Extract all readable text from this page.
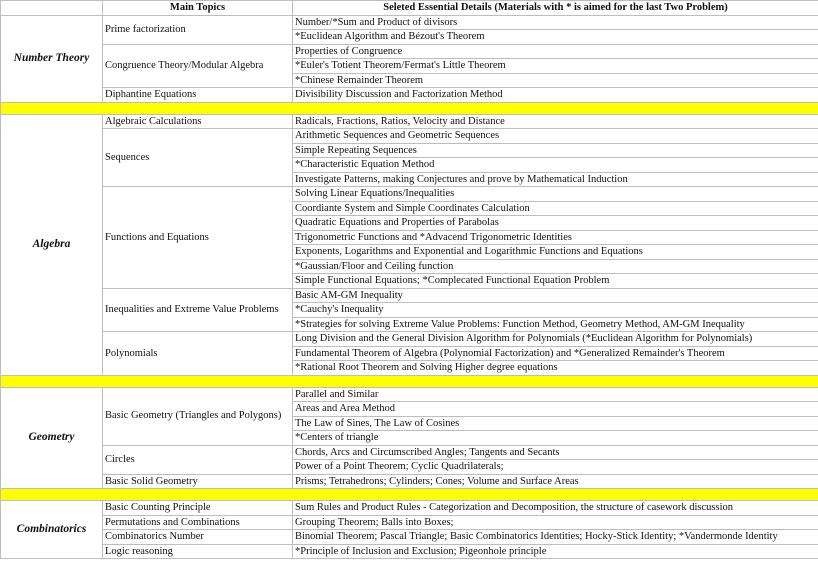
	Main Topics	Seleted Essential Details (Materials with * is aimed for the last Two Problem)
Number Theory	Prime factorization	Number/*Sum and Product of divisors
		*Euclidean Algorithm and Bézout's Theorem
	Congruence Theory/Modular Algebra	Properties of Congruence
		*Euler's Totient Theorem/Fermat's Little Theorem
		*Chinese Remainder Theorem
	Diphantine Equations	Divisibility Discussion and Factorization Method

Algebra	Algebraic Calculations	Radicals, Fractions, Ratios, Velocity and Distance
	Sequences	Arithmetic Sequences and Geometric Sequences
		Simple Repeating Sequences
		*Characteristic Equation Method
		Investigate Patterns, making Conjectures and prove by Mathematical Induction
	Functions and Equations	Solving Linear Equations/Inequalities
		Coordiante System and Simple Coordinates Calculation
		Quadratic Equations and Properties of Parabolas
		Trigonometric Functions and *Advacend Trigonometric Identities
		Exponents, Logarithms and Exponential and Logarithmic Functions and Equations
		*Gaussian/Floor and Ceiling function
		Simple Functional Equations; *Complecated Functional Equation Problem
	Inequalities and Extreme Value Problems	Basic AM-GM Inequality
		*Cauchy's Inequality
		*Strategies for solving Extreme Value Problems: Function Method, Geometry Method, AM-GM Inequality
	Polynomials	Long Division and the General Division Algorithm for Polynomials (*Euclidean Algorithm for Polynomials)
		Fundamental Theorem of Algebra (Polynomial Factorization) and *Generalized Remainder's Theorem
		*Rational Root Theorem and Solving Higher degree equations

Geometry	Basic Geometry (Triangles and Polygons)	Parallel and Similar
		Areas and Area Method
		The Law of Sines, The Law of Cosines
		*Centers of triangle
	Circles	Chords, Arcs and Circumscribed Angles; Tangents and Secants
		Power of a Point Theorem; Cyclic Quadrilaterals;
	Basic Solid Geometry	Prisms; Tetrahedrons; Cylinders; Cones; Volume and Surface Areas

Combinatorics	Basic Counting Principle	Sum Rules and Product Rules - Categorization and Decomposition, the structure of casework discussion
	Permutations and Combinations	Grouping Theorem; Balls into Boxes;
	Combinatorics Number	Binomial Theorem; Pascal Triangle; Basic Combinatorics Identities; Hocky-Stick Identity; *Vandermonde Identity
	Logic reasoning	*Principle of Inclusion and Exclusion; Pigeonhole principle
